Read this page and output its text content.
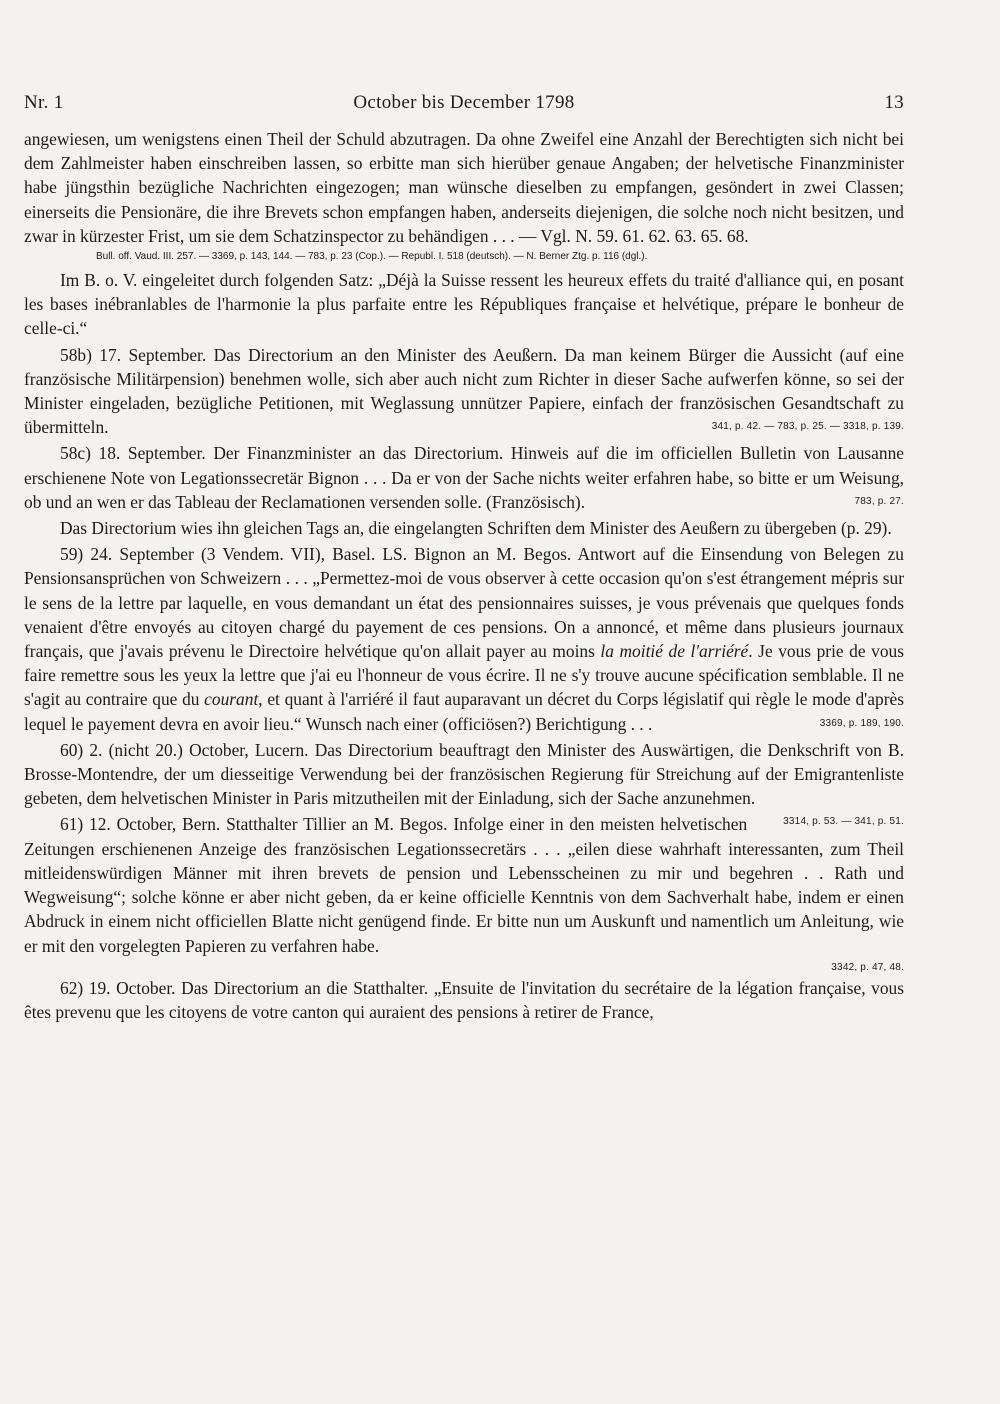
Nr. 1	October bis December 1798	13

angewiesen, um wenigstens einen Theil der Schuld abzutragen. Da ohne Zweifel eine Anzahl der Berechtigten sich nicht bei dem Zahlmeister haben einschreiben lassen, so erbitte man sich hierüber genaue Angaben; der helvetische Finanzminister habe jüngsthin bezügliche Nachrichten eingezogen; man wünsche dieselben zu empfangen, gesöndert in zwei Classen; einerseits die Pensionäre, die ihre Brevets schon empfangen haben, anderseits diejenigen, die solche noch nicht besitzen, und zwar in kürzester Frist, um sie dem Schatzinspector zu behändigen . . . — Vgl. N. 59. 61. 62. 63. 65. 68.

Bull. off. Vaud. III. 257. — 3369, p. 143, 144. — 783, p. 23 (Cop.). — Republ. I. 518 (deutsch). — N. Berner Ztg. p. 116 (dgl.).

Im B. o. V. eingeleitet durch folgenden Satz: „Déjà la Suisse ressent les heureux effets du traité d'alliance qui, en posant les bases inébranlables de l'harmonie la plus parfaite entre les Républiques française et helvétique, prépare le bonheur de celle-ci.“

58b) 17. September. Das Directorium an den Minister des Aeußern. Da man keinem Bürger die Aussicht (auf eine französische Militärpension) benehmen wolle, sich aber auch nicht zum Richter in dieser Sache aufwerfen könne, so sei der Minister eingeladen, bezügliche Petitionen, mit Weglassung unnützer Papiere, einfach der französischen Gesandtschaft zu übermitteln.	341, p. 42. — 783, p. 25. — 3318, p. 139.

58c) 18. September. Der Finanzminister an das Directorium. Hinweis auf die im officiellen Bulletin von Lausanne erschienene Note von Legationssecretär Bignon . . . Da er von der Sache nichts weiter erfahren habe, so bitte er um Weisung, ob und an wen er das Tableau der Reclamationen versenden solle. (Französisch).	783, p. 27.

Das Directorium wies ihn gleichen Tags an, die eingelangten Schriften dem Minister des Aeußern zu übergeben (p. 29).

59) 24. September (3 Vendem. VII), Basel. LS. Bignon an M. Begos. Antwort auf die Einsendung von Belegen zu Pensionsansprüchen von Schweizern . . . „Permettez-moi de vous observer à cette occasion qu'on s'est étrangement mépris sur le sens de la lettre par laquelle, en vous demandant un état des pensionnaires suisses, je vous prévenais que quelques fonds venaient d'être envoyés au citoyen chargé du payement de ces pensions. On a annoncé, et même dans plusieurs journaux français, que j'avais prévenu le Directoire helvétique qu'on allait payer au moins la moitié de l'arriéré. Je vous prie de vous faire remettre sous les yeux la lettre que j'ai eu l'honneur de vous écrire. Il ne s'y trouve aucune spécification semblable. Il ne s'agit au contraire que du courant, et quant à l'arriéré il faut auparavant un décret du Corps législatif qui règle le mode d'après lequel le payement devra en avoir lieu.“ Wunsch nach einer (officiösen?) Berichtigung . . .	3369, p. 189, 190.

60) 2. (nicht 20.) October, Lucern. Das Directorium beauftragt den Minister des Auswärtigen, die Denkschrift von B. Brosse-Montendre, der um diesseitige Verwendung bei der französischen Regierung für Streichung auf der Emigrantenliste gebeten, dem helvetischen Minister in Paris mitzutheilen mit der Einladung, sich der Sache anzunehmen.
3314, p. 53. — 341, p. 51.

61) 12. October, Bern. Statthalter Tillier an M. Begos. Infolge einer in den meisten helvetischen Zeitungen erschienenen Anzeige des französischen Legationssecretärs . . . „eilen diese wahrhaft interessanten, zum Theil mitleidenswürdigen Männer mit ihren brevets de pension und Lebensscheinen zu mir und begehren . . Rath und Wegweisung“; solche könne er aber nicht geben, da er keine officielle Kenntnis von dem Sachverhalt habe, indem er einen Abdruck in einem nicht officiellen Blatte nicht genügend finde. Er bitte nun um Auskunft und namentlich um Anleitung, wie er mit den vorgelegten Papieren zu verfahren habe.

3342, p. 47, 48.

62) 19. October. Das Directorium an die Statthalter. „Ensuite de l'invitation du secrétaire de la légation française, vous êtes prevenu que les citoyens de votre canton qui auraient des pensions à retirer de France,
